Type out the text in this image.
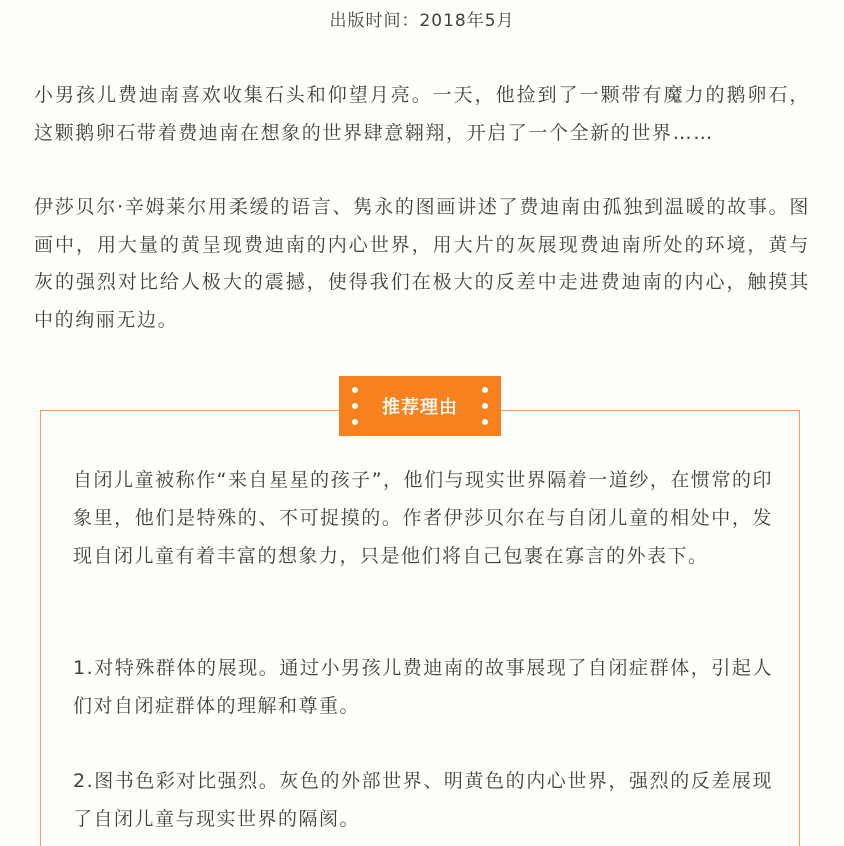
出版时间：2018年5月

小男孩儿费迪南喜欢收集石头和仰望月亮。一天，他捡到了一颗带有魔力的鹅卵石，这颗鹅卵石带着费迪南在想象的世界肆意翱翔，开启了一个全新的世界……

伊莎贝尔·辛姆莱尔用柔缓的语言、隽永的图画讲述了费迪南由孤独到温暖的故事。图画中，用大量的黄呈现费迪南的内心世界，用大片的灰展现费迪南所处的环境，黄与灰的强烈对比给人极大的震撼，使得我们在极大的反差中走进费迪南的内心，触摸其中的绚丽无边。

推荐理由

自闭儿童被称作“来自星星的孩子”，他们与现实世界隔着一道纱，在惯常的印象里，他们是特殊的、不可捉摸的。作者伊莎贝尔在与自闭儿童的相处中，发现自闭儿童有着丰富的想象力，只是他们将自己包裹在寡言的外表下。

1.对特殊群体的展现。通过小男孩儿费迪南的故事展现了自闭症群体，引起人们对自闭症群体的理解和尊重。

2.图书色彩对比强烈。灰色的外部世界、明黄色的内心世界，强烈的反差展现了自闭儿童与现实世界的隔阂。
